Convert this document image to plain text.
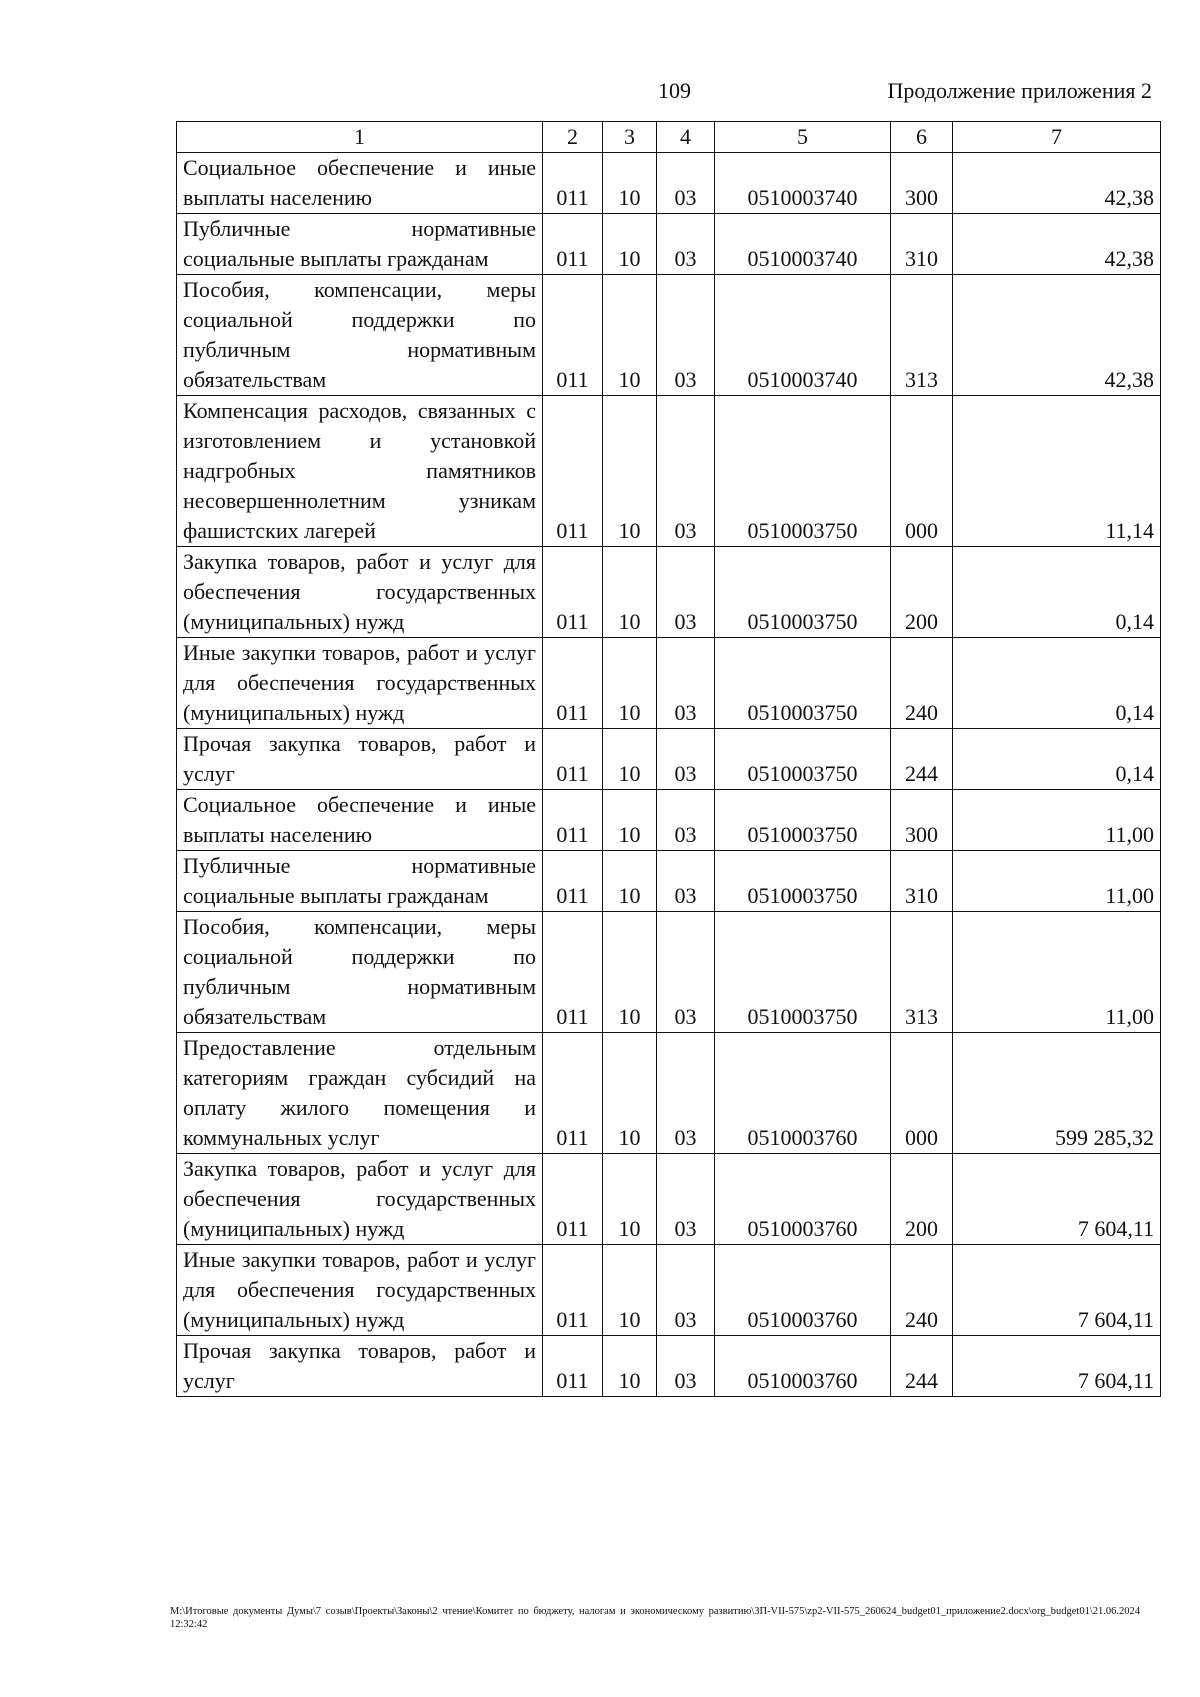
109	Продолжение приложения 2
1	2	3	4	5	6	7
Социальное обеспечение и иные выплаты населению	011	10	03	0510003740	300	42,38
Публичные нормативные социальные выплаты гражданам	011	10	03	0510003740	310	42,38
Пособия, компенсации, меры социальной поддержки по публичным нормативным обязательствам	011	10	03	0510003740	313	42,38
Компенсация расходов, связанных с изготовлением и установкой надгробных памятников несовершеннолетним узникам фашистских лагерей	011	10	03	0510003750	000	11,14
Закупка товаров, работ и услуг для обеспечения государственных (муниципальных) нужд	011	10	03	0510003750	200	0,14
Иные закупки товаров, работ и услуг для обеспечения государственных (муниципальных) нужд	011	10	03	0510003750	240	0,14
Прочая закупка товаров, работ и услуг	011	10	03	0510003750	244	0,14
Социальное обеспечение и иные выплаты населению	011	10	03	0510003750	300	11,00
Публичные нормативные социальные выплаты гражданам	011	10	03	0510003750	310	11,00
Пособия, компенсации, меры социальной поддержки по публичным нормативным обязательствам	011	10	03	0510003750	313	11,00
Предоставление отдельным категориям граждан субсидий на оплату жилого помещения и коммунальных услуг	011	10	03	0510003760	000	599 285,32
Закупка товаров, работ и услуг для обеспечения государственных (муниципальных) нужд	011	10	03	0510003760	200	7 604,11
Иные закупки товаров, работ и услуг для обеспечения государственных (муниципальных) нужд	011	10	03	0510003760	240	7 604,11
Прочая закупка товаров, работ и услуг	011	10	03	0510003760	244	7 604,11
М:\Итоговые документы Думы\7 созыв\Проекты\Законы\2 чтение\Комитет по бюджету, налогам и экономическому развитию\ЗП-VII-575\zp2-VII-575_260624_budget01_приложение2.docx\org_budget01\21.06.2024 12:32:42
